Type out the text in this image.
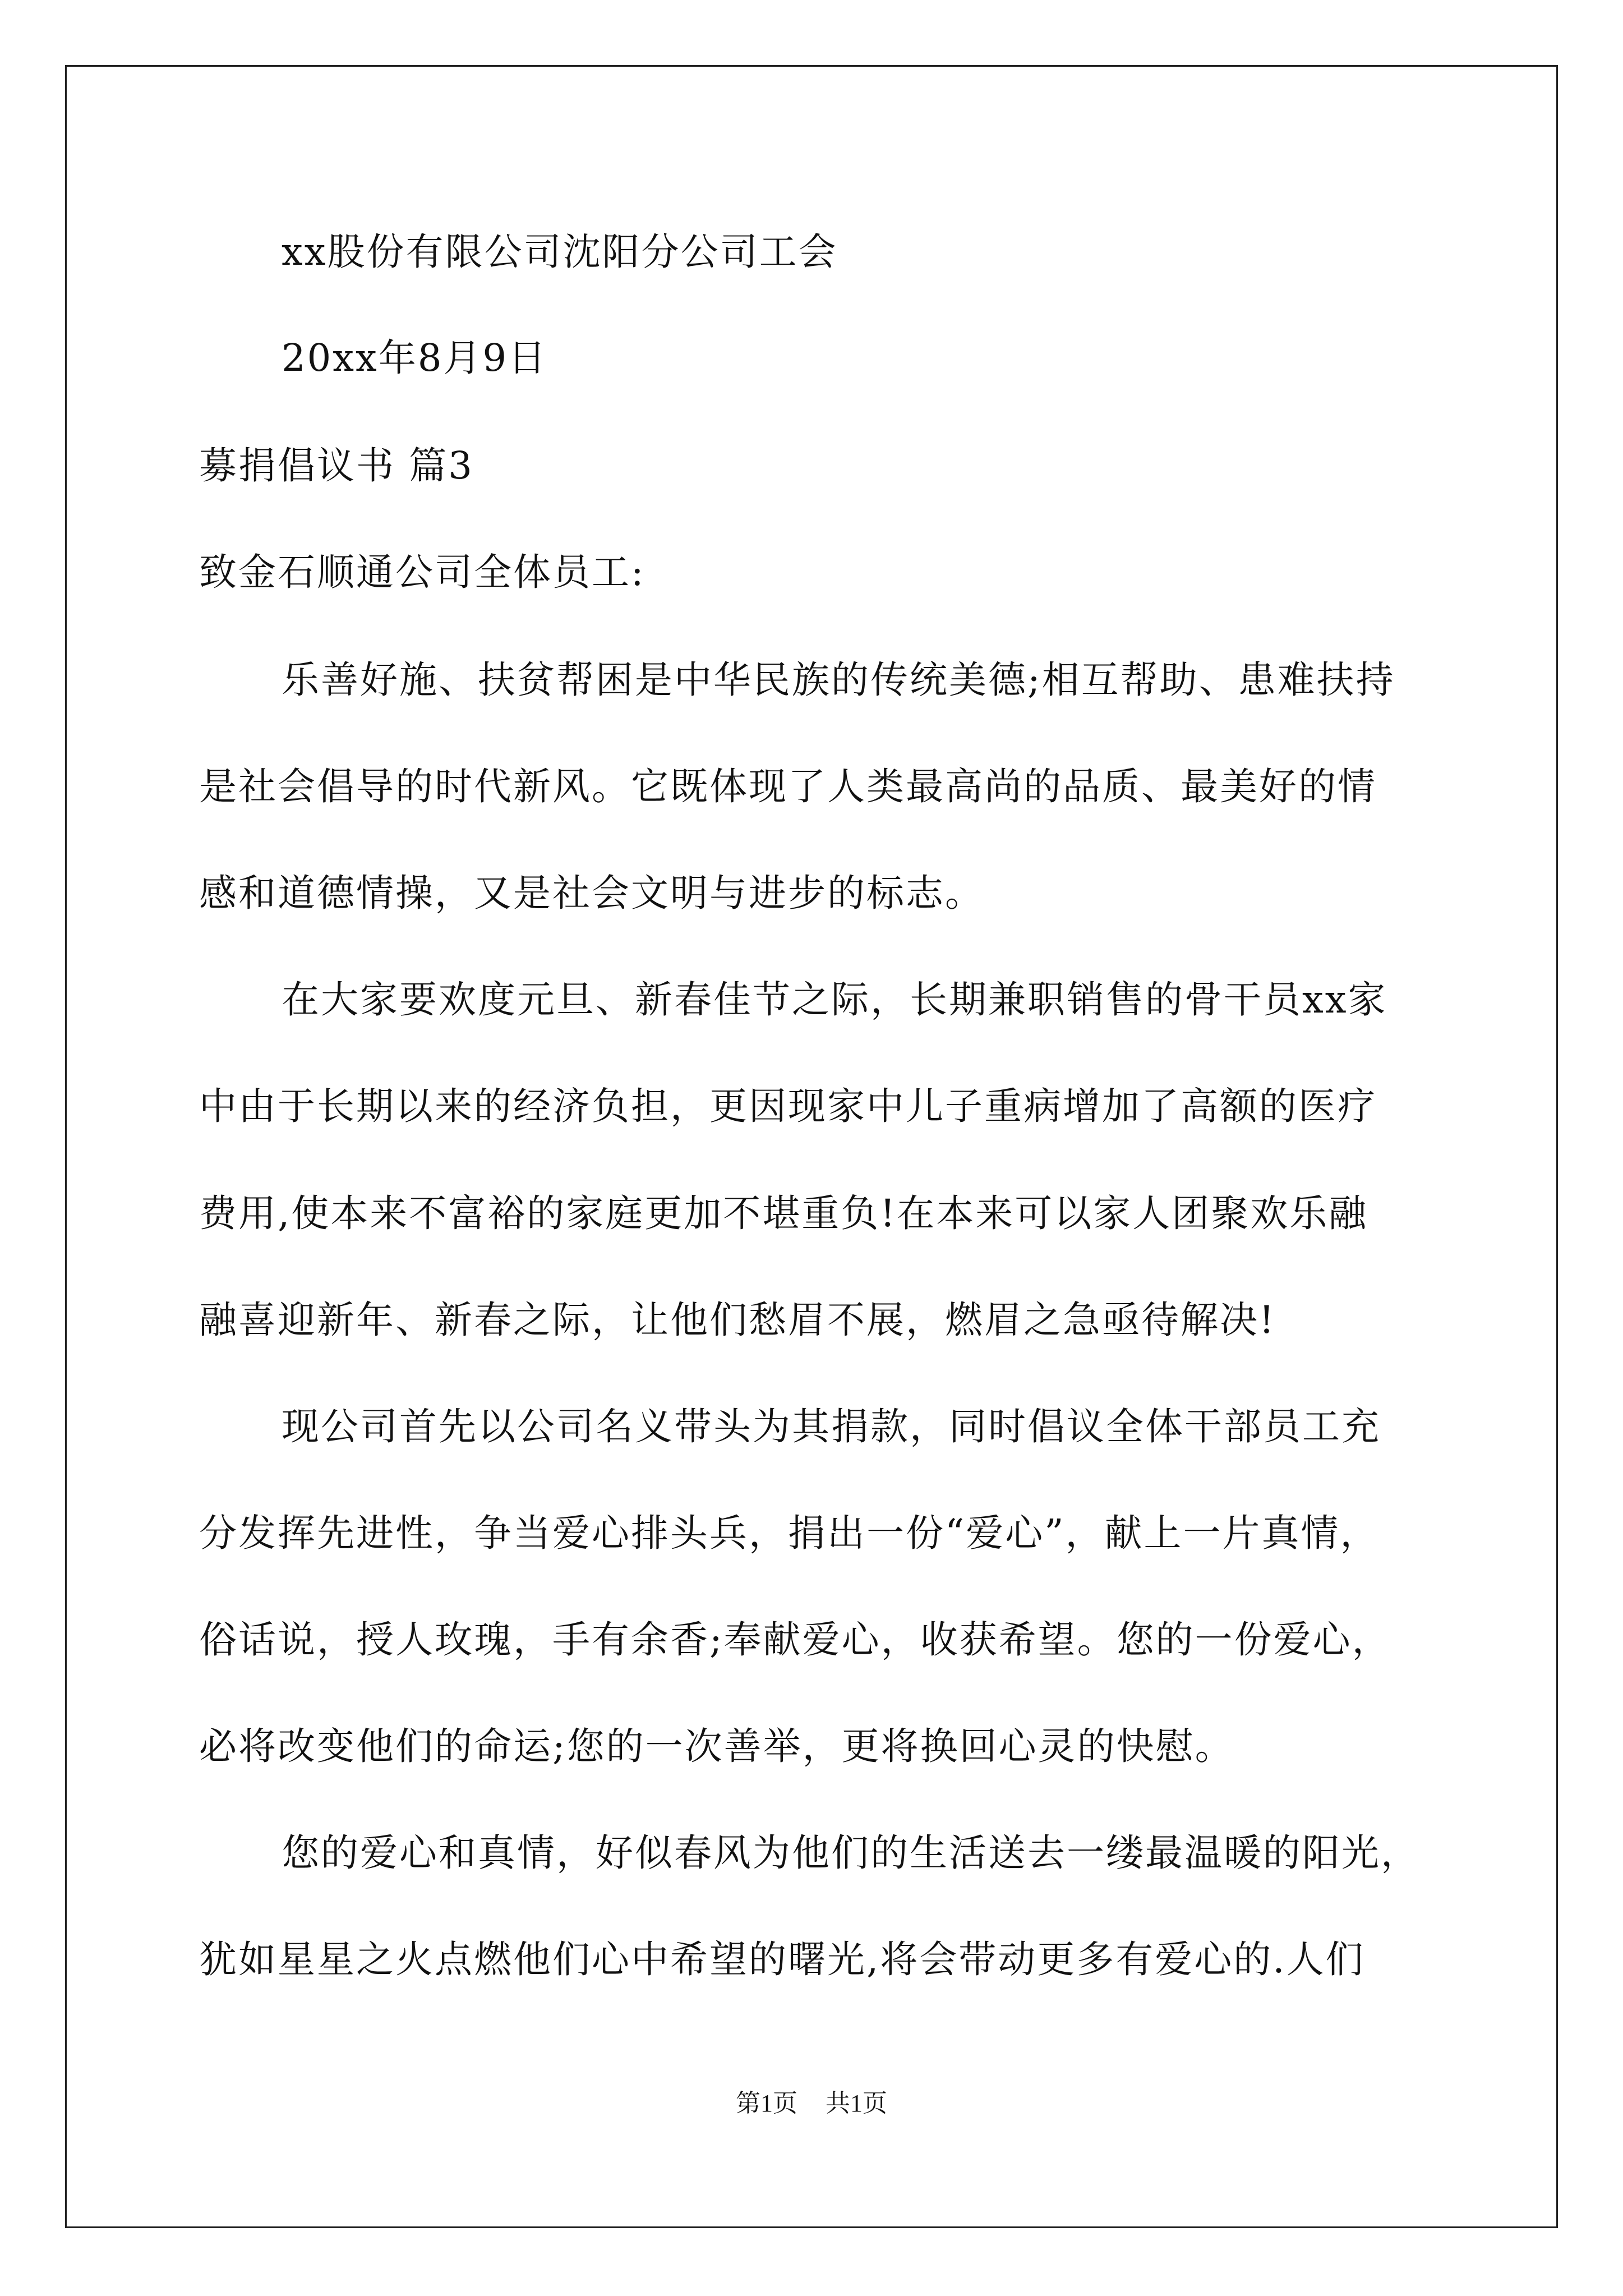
xx股份有限公司沈阳分公司工会
20xx年8月9日
募捐倡议书 篇3
致金石顺通公司全体员工:
乐善好施、扶贫帮困是中华民族的传统美德;相互帮助、患难扶持
是社会倡导的时代新风。它既体现了人类最高尚的品质、最美好的情
感和道德情操，又是社会文明与进步的标志。
在大家要欢度元旦、新春佳节之际，长期兼职销售的骨干员xx家
中由于长期以来的经济负担，更因现家中儿子重病增加了高额的医疗
费用,使本来不富裕的家庭更加不堪重负!在本来可以家人团聚欢乐融
融喜迎新年、新春之际，让他们愁眉不展，燃眉之急亟待解决!
现公司首先以公司名义带头为其捐款，同时倡议全体干部员工充
分发挥先进性，争当爱心排头兵，捐出一份“爱心”，献上一片真情，
俗话说，授人玫瑰，手有余香;奉献爱心，收获希望。您的一份爱心，
必将改变他们的命运;您的一次善举，更将换回心灵的快慰。
您的爱心和真情，好似春风为他们的生活送去一缕最温暖的阳光，
犹如星星之火点燃他们心中希望的曙光,将会带动更多有爱心的.人们
第1页 共1页
